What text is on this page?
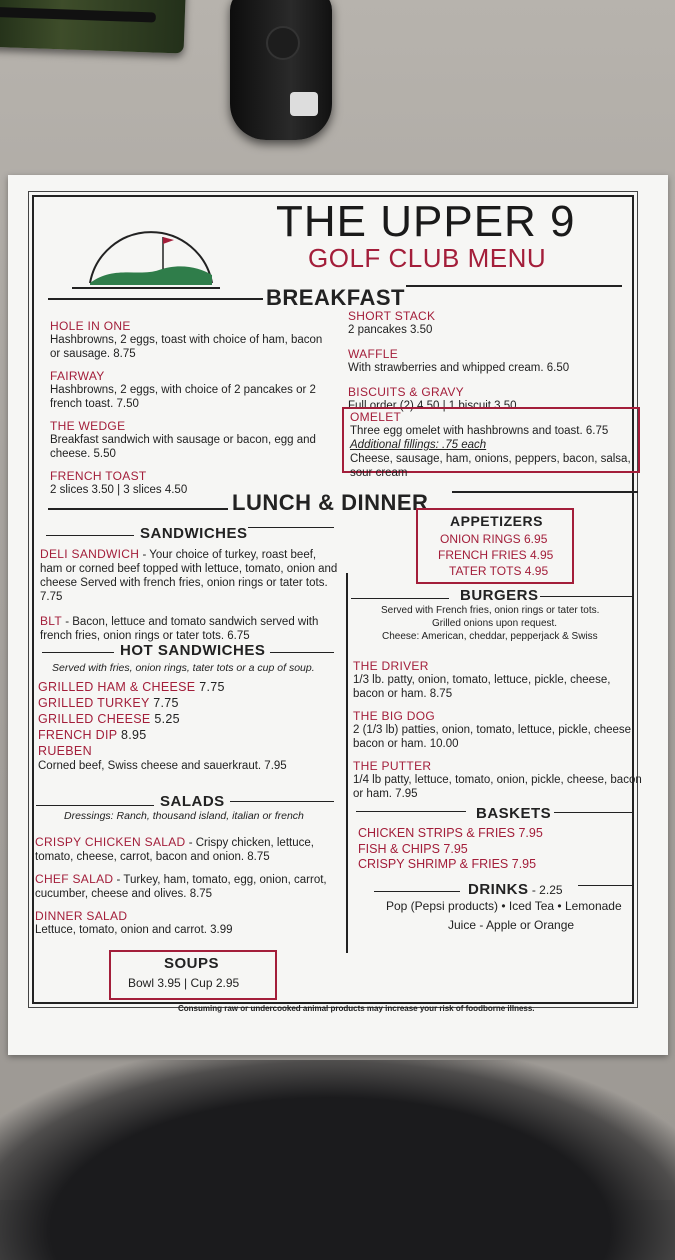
THE UPPER 9
GOLF CLUB MENU
BREAKFAST
HOLE IN ONE
Hashbrowns, 2 eggs, toast with choice of ham, bacon or sausage. 8.75
FAIRWAY
Hashbrowns, 2 eggs, with choice of 2 pancakes or 2 french toast. 7.50
THE WEDGE
Breakfast sandwich with sausage or bacon, egg and cheese. 5.50
FRENCH TOAST
2 slices 3.50 | 3 slices 4.50
SHORT STACK
2 pancakes 3.50
WAFFLE
With strawberries and whipped cream. 6.50
BISCUITS & GRAVY
Full order (2) 4.50 | 1 biscuit 3.50
OMELET
Three egg omelet with hashbrowns and toast. 6.75
Additional fillings: .75 each
Cheese, sausage, ham, onions, peppers, bacon, salsa, sour cream
LUNCH & DINNER
SANDWICHES
DELI SANDWICH - Your choice of turkey, roast beef, ham or corned beef topped with lettuce, tomato, onion and cheese Served with french fries, onion rings or tater tots. 7.75
BLT - Bacon, lettuce and tomato sandwich served with french fries, onion rings or tater tots. 6.75
HOT SANDWICHES
Served with fries, onion rings, tater tots or a cup of soup.
GRILLED HAM & CHEESE 7.75
GRILLED TURKEY 7.75
GRILLED CHEESE 5.25
FRENCH DIP 8.95
RUEBEN
Corned beef, Swiss cheese and sauerkraut. 7.95
SALADS
Dressings: Ranch, thousand island, italian or french
CRISPY CHICKEN SALAD - Crispy chicken, lettuce, tomato, cheese, carrot, bacon and onion. 8.75
CHEF SALAD - Turkey, ham, tomato, egg, onion, carrot, cucumber, cheese and olives. 8.75
DINNER SALAD
Lettuce, tomato, onion and carrot. 3.99
SOUPS
Bowl 3.95 | Cup 2.95
APPETIZERS
ONION RINGS 6.95
FRENCH FRIES 4.95
TATER TOTS 4.95
BURGERS
Served with French fries, onion rings or tater tots.
Grilled onions upon request.
Cheese: American, cheddar, pepperjack & Swiss
THE DRIVER
1/3 lb. patty, onion, tomato, lettuce, pickle, cheese, bacon or ham. 8.75
THE BIG DOG
2 (1/3 lb) patties, onion, tomato, lettuce, pickle, cheese, bacon or ham. 10.00
THE PUTTER
1/4 lb patty, lettuce, tomato, onion, pickle, cheese, bacon or ham. 7.95
BASKETS
CHICKEN STRIPS & FRIES 7.95
FISH & CHIPS 7.95
CRISPY SHRIMP & FRIES 7.95
DRINKS - 2.25
Pop (Pepsi products) • Iced Tea • Lemonade
Juice - Apple or Orange
Consuming raw or undercooked animal products may increase your risk of foodborne illness.
